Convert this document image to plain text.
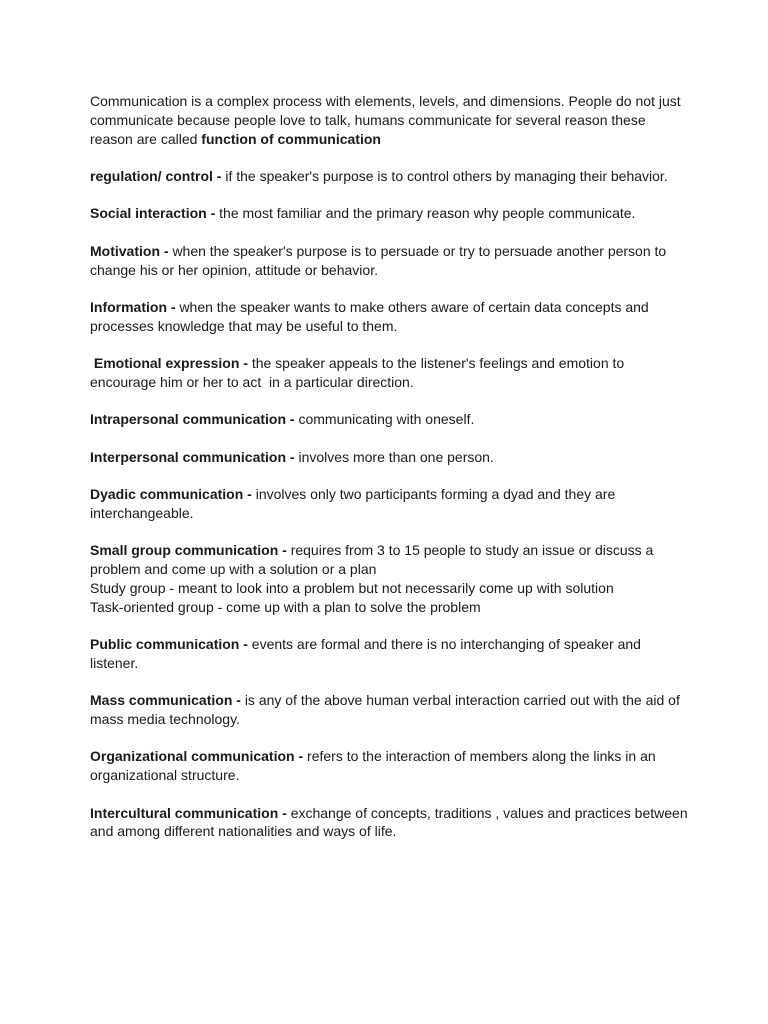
Communication is a complex process with elements, levels, and dimensions. People do not just communicate because people love to talk, humans communicate for several reason these reason are called function of communication

regulation/ control - if the speaker's purpose is to control others by managing their behavior.

Social interaction - the most familiar and the primary reason why people communicate.

Motivation - when the speaker's purpose is to persuade or try to persuade another person to change his or her opinion, attitude or behavior.

Information - when the speaker wants to make others aware of certain data concepts and processes knowledge that may be useful to them.

Emotional expression - the speaker appeals to the listener's feelings and emotion to encourage him or her to act  in a particular direction.

Intrapersonal communication - communicating with oneself.

Interpersonal communication - involves more than one person.

Dyadic communication - involves only two participants forming a dyad and they are interchangeable.

Small group communication - requires from 3 to 15 people to study an issue or discuss a problem and come up with a solution or a plan
Study group - meant to look into a problem but not necessarily come up with solution
Task-oriented group - come up with a plan to solve the problem

Public communication - events are formal and there is no interchanging of speaker and listener.

Mass communication - is any of the above human verbal interaction carried out with the aid of mass media technology.

Organizational communication - refers to the interaction of members along the links in an organizational structure.

Intercultural communication - exchange of concepts, traditions , values and practices between and among different nationalities and ways of life.
